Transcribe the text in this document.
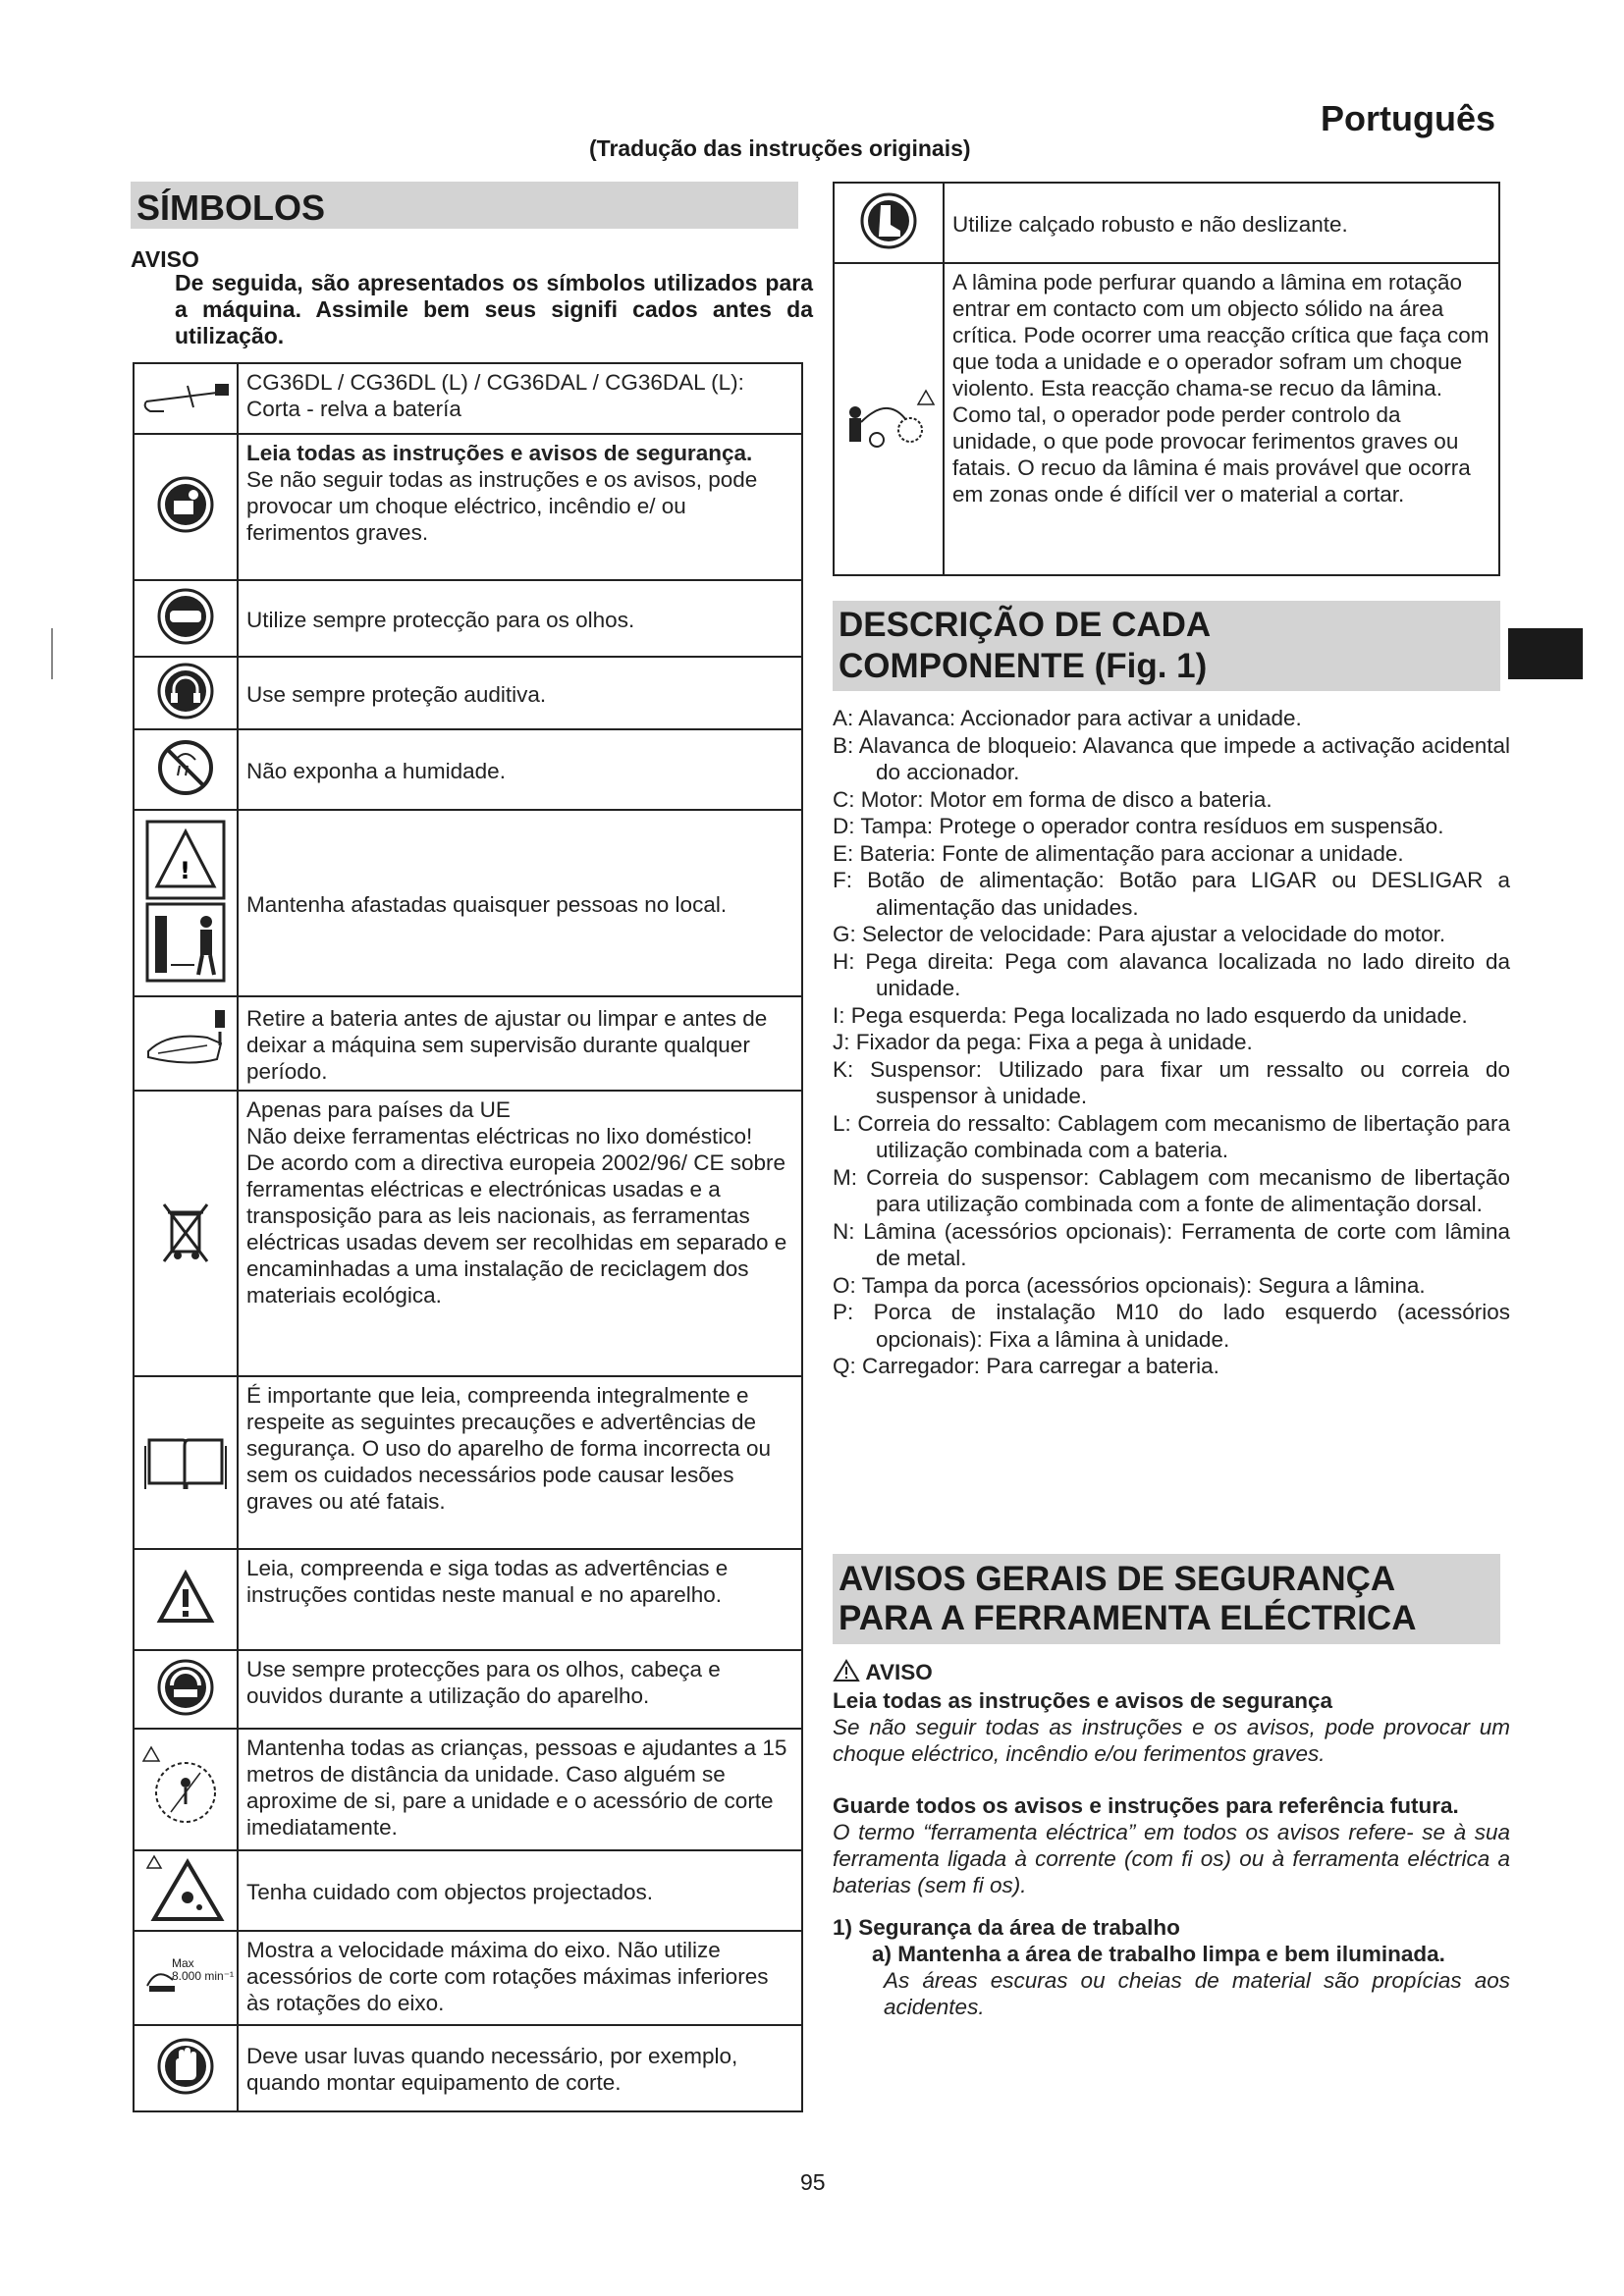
Português
(Tradução das instruções originais)
SÍMBOLOS
AVISO
De seguida, são apresentados os símbolos utilizados para a máquina. Assimile bem seus signifi cados antes da utilização.

CG36DL / CG36DL (L) / CG36DAL / CG36DAL (L):
Corta - relva a batería

Leia todas as instruções e avisos de segurança.
Se não seguir todas as instruções e os avisos, pode provocar um choque eléctrico, incêndio e/ ou ferimentos graves.

Utilize sempre protecção para os olhos.

Use sempre proteção auditiva.

Não exponha a humidade.

!	Mantenha afastadas quaisquer pessoas no local.

Retire a bateria antes de ajustar ou limpar e antes de deixar a máquina sem supervisão durante qualquer período.

Apenas para países da UE
Não deixe ferramentas eléctricas no lixo doméstico!
De acordo com a directiva europeia 2002/96/ CE sobre ferramentas eléctricas e electrónicas usadas e a transposição para as leis nacionais, as ferramentas eléctricas usadas devem ser recolhidas em separado e encaminhadas a uma instalação de reciclagem dos materiais ecológica.

É importante que leia, compreenda integralmente e respeite as seguintes precauções e advertências de segurança. O uso do aparelho de forma incorrecta ou sem os cuidados necessários pode causar lesões graves ou até fatais.

Leia, compreenda e siga todas as advertências e instruções contidas neste manual e no aparelho.

Use sempre protecções para os olhos, cabeça e ouvidos durante a utilização do aparelho.

Mantenha todas as crianças, pessoas e ajudantes a 15 metros de distância da unidade. Caso alguém se aproxime de si, pare a unidade e o acessório de corte imediatamente.

Tenha cuidado com objectos projectados.

Max
8.000 min⁻¹	Mostra a velocidade máxima do eixo. Não utilize acessórios de corte com rotações máximas inferiores às rotações do eixo.

Deve usar luvas quando necessário, por exemplo, quando montar equipamento de corte.

Utilize calçado robusto e não deslizante.

A lâmina pode perfurar quando a lâmina em rotação entrar em contacto com um objecto sólido na área crítica. Pode ocorrer uma reacção crítica que faça com que toda a unidade e o operador sofram um choque violento. Esta reacção chama-se recuo da lâmina. Como tal, o operador pode perder controlo da unidade, o que pode provocar ferimentos graves ou fatais. O recuo da lâmina é mais provável que ocorra em zonas onde é difícil ver o material a cortar.
DESCRIÇÃO DE CADA
COMPONENTE (Fig. 1)
A: Alavanca: Accionador para activar a unidade.
B: Alavanca de bloqueio: Alavanca que impede a activação acidental do accionador.
C: Motor: Motor em forma de disco a bateria.
D: Tampa: Protege o operador contra resíduos em suspensão.
E: Bateria: Fonte de alimentação para accionar a unidade.
F: Botão de alimentação: Botão para LIGAR ou DESLIGAR a alimentação das unidades.
G: Selector de velocidade: Para ajustar a velocidade do motor.
H: Pega direita: Pega com alavanca localizada no lado direito da unidade.
I: Pega esquerda: Pega localizada no lado esquerdo da unidade.
J: Fixador da pega: Fixa a pega à unidade.
K: Suspensor: Utilizado para fixar um ressalto ou correia do suspensor à unidade.
L: Correia do ressalto: Cablagem com mecanismo de libertação para utilização combinada com a bateria.
M: Correia do suspensor: Cablagem com mecanismo de libertação para utilização combinada com a fonte de alimentação dorsal.
N: Lâmina (acessórios opcionais): Ferramenta de corte com lâmina de metal.
O: Tampa da porca (acessórios opcionais): Segura a lâmina.
P: Porca de instalação M10 do lado esquerdo (acessórios opcionais): Fixa a lâmina à unidade.
Q: Carregador: Para carregar a bateria.
AVISOS GERAIS DE SEGURANÇA
PARA A FERRAMENTA ELÉCTRICA
AVISO
Leia todas as instruções e avisos de segurança
Se não seguir todas as instruções e os avisos, pode provocar um choque eléctrico, incêndio e/ou ferimentos graves.
Guarde todos os avisos e instruções para referência futura.
O termo “ferramenta eléctrica” em todos os avisos refere- se à sua ferramenta ligada à corrente (com fi os) ou à ferramenta eléctrica a baterias (sem fi os).
1) Segurança da área de trabalho
a) Mantenha a área de trabalho limpa e bem iluminada.
As áreas escuras ou cheias de material são propícias aos acidentes.
95
